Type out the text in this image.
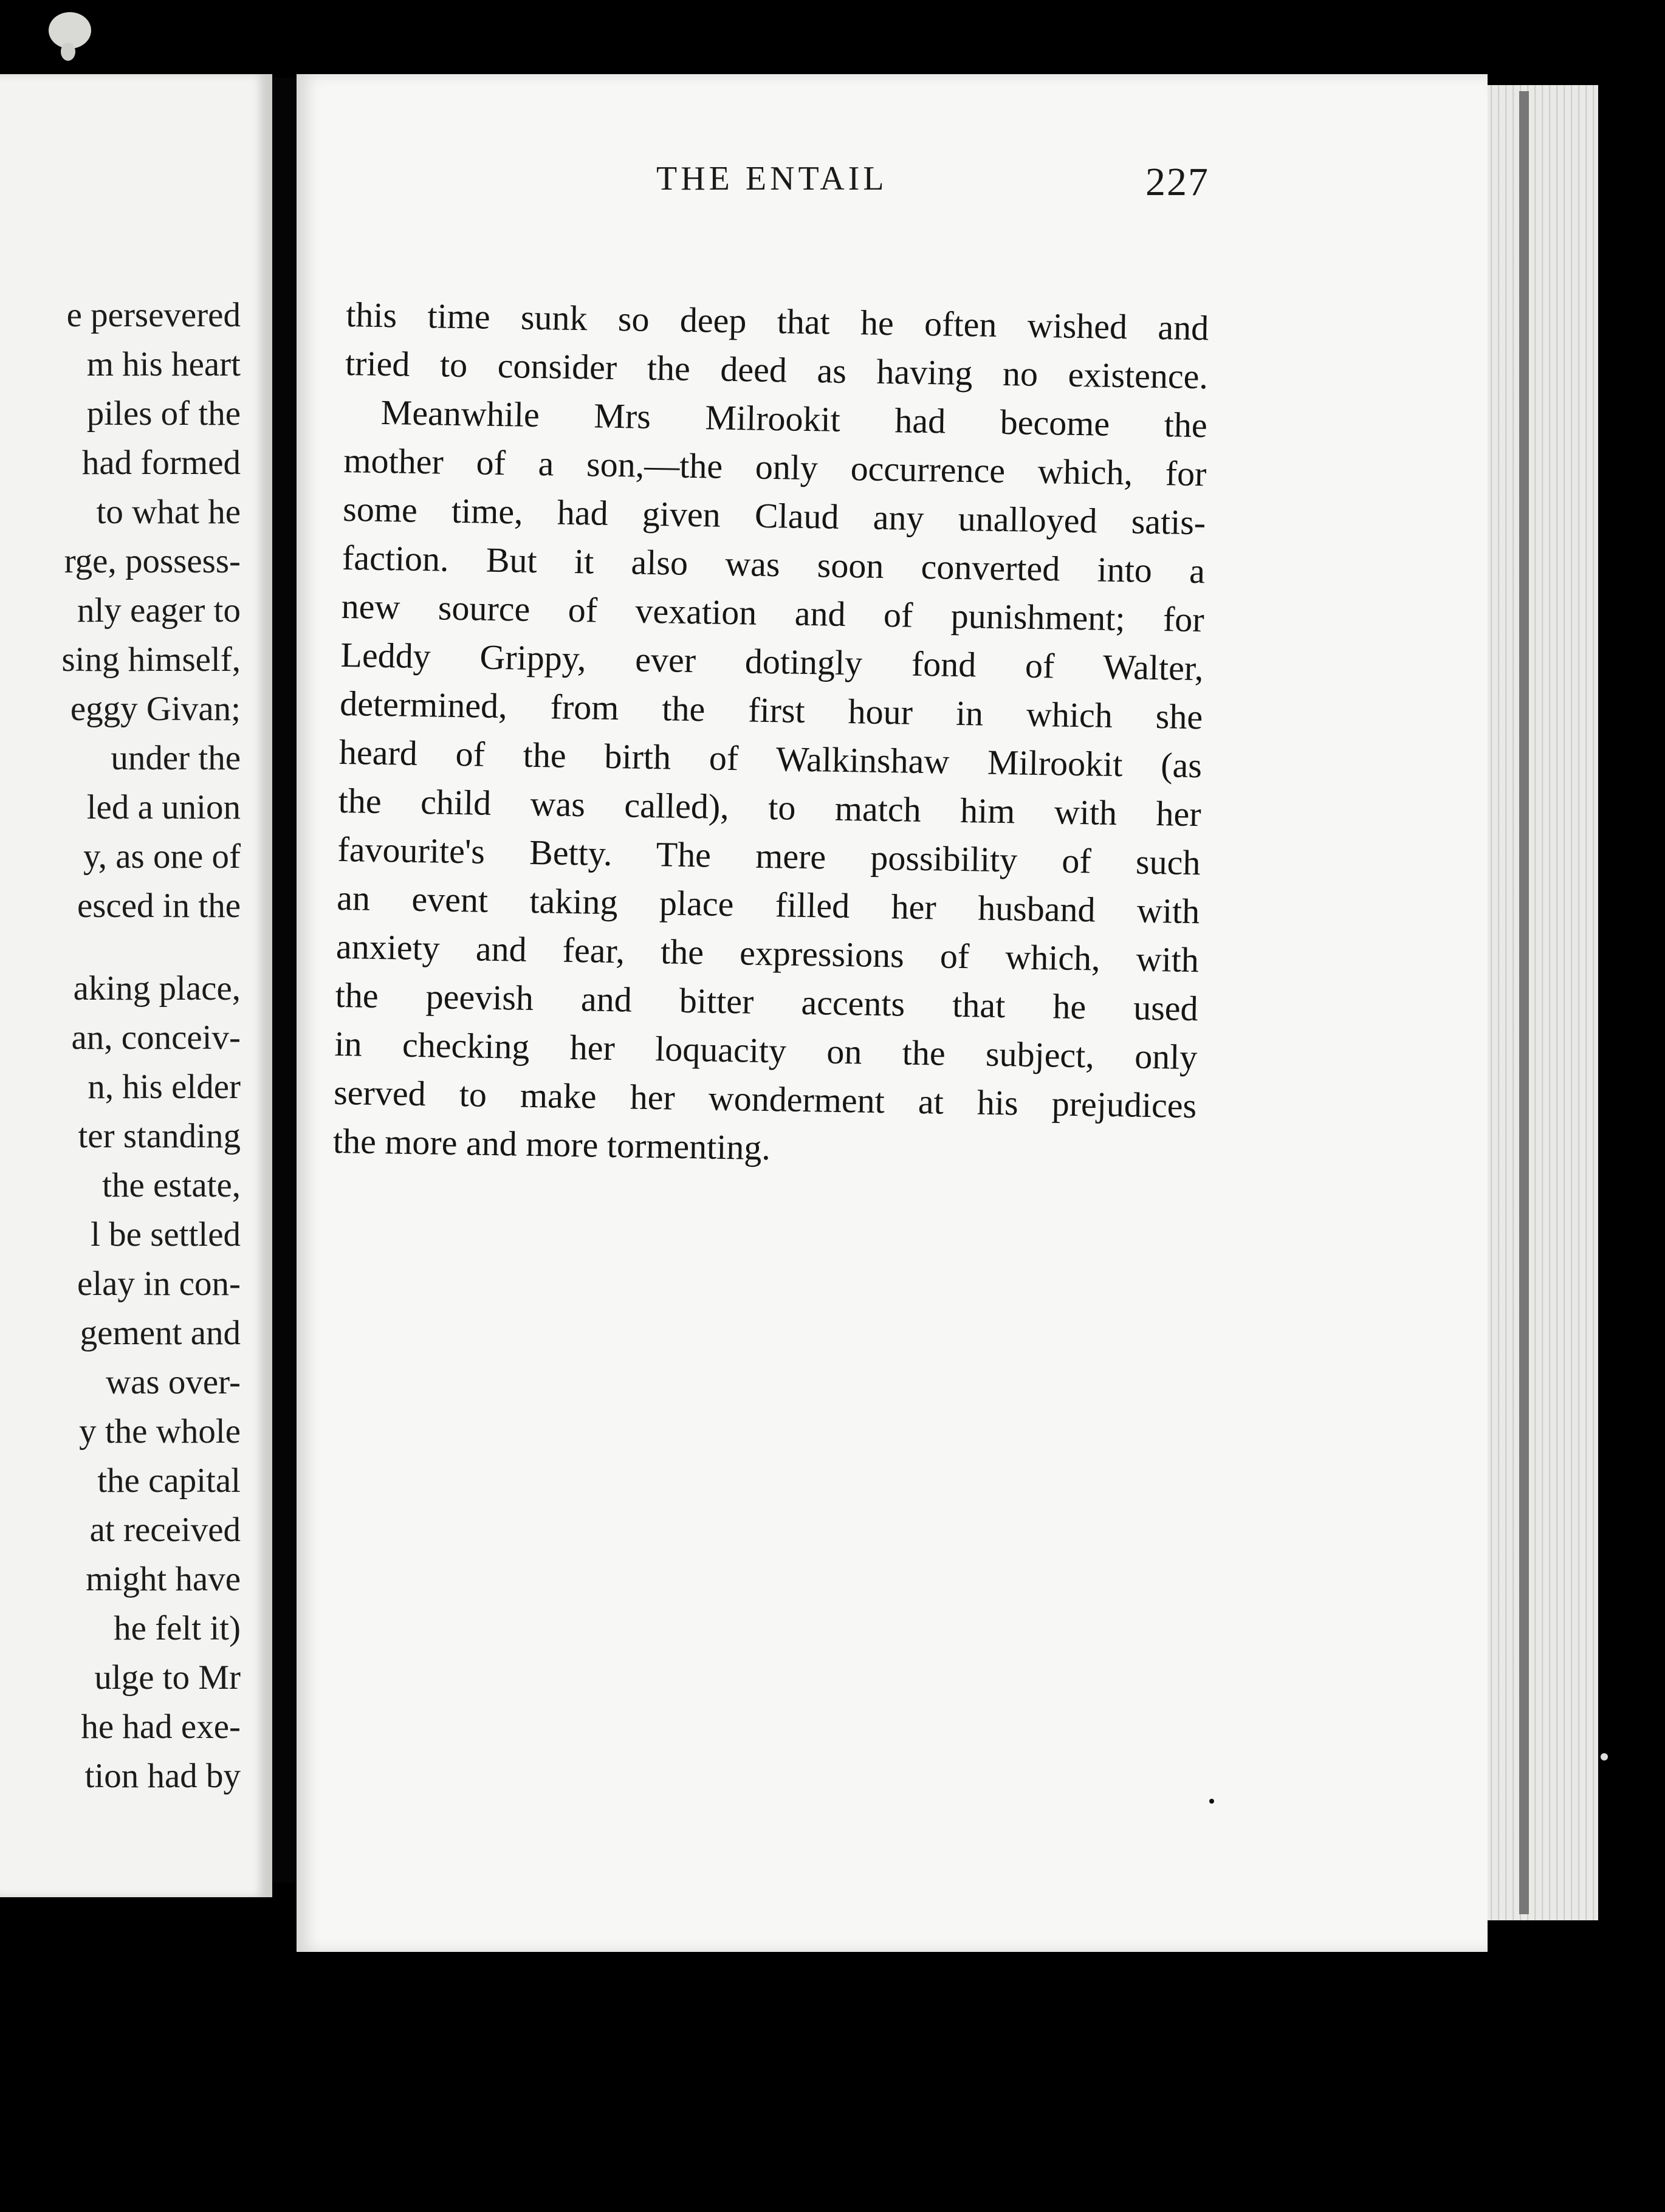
e persevered
m his heart
piles of the
had formed
to what he
rge, possess-
nly eager to
sing himself,
eggy Givan;
under the
led a union
y, as one of
esced in the
aking place,
an, conceiv-
n, his elder
ter standing
the estate,
l be settled
elay in con-
gement and
was over-
y the whole
the capital
at received
might have
he felt it)
ulge to Mr
he had exe-
tion had by
THE ENTAIL	227
this time sunk so deep that he often wished and
tried to consider the deed as having no existence.
Meanwhile Mrs Milrookit had become the
mother of a son,—the only occurrence which, for
some time, had given Claud any unalloyed satis-
faction. But it also was soon converted into a
new source of vexation and of punishment; for
Leddy Grippy, ever dotingly fond of Walter,
determined, from the first hour in which she
heard of the birth of Walkinshaw Milrookit (as
the child was called), to match him with her
favourite's Betty. The mere possibility of such
an event taking place filled her husband with
anxiety and fear, the expressions of which, with
the peevish and bitter accents that he used
in checking her loquacity on the subject, only
served to make her wonderment at his prejudices
the more and more tormenting.
